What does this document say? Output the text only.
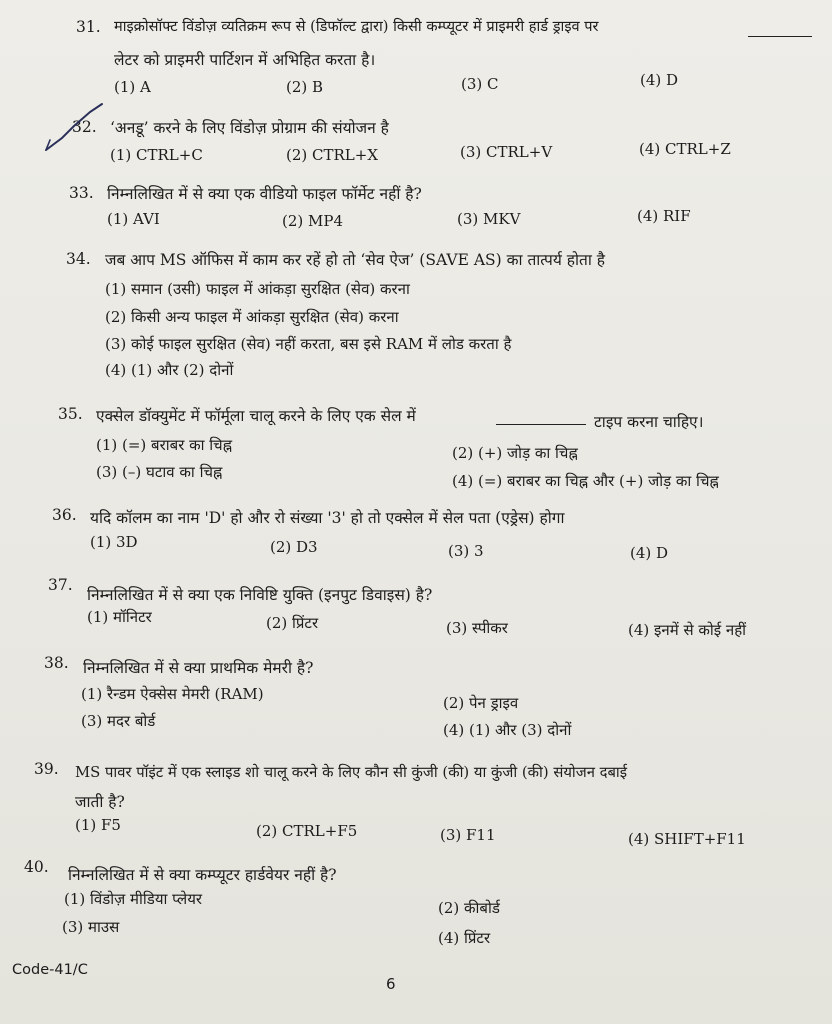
31. माइक्रोसॉफ्ट विंडोज़ व्यतिक्रम रूप से (डिफॉल्ट द्वारा) किसी कम्प्यूटर में प्राइमरी हार्ड ड्राइव पर
लेटर को प्राइमरी पार्टिशन में अभिहित करता है।
(1) A	(2) B	(3) C	(4) D
32. ‘अनडू’ करने के लिए विंडोज़ प्रोग्राम की संयोजन है
(1) CTRL+C	(2) CTRL+X	(3) CTRL+V	(4) CTRL+Z
33. निम्नलिखित में से क्या एक वीडियो फाइल फॉर्मेट नहीं है?
(1) AVI	(2) MP4	(3) MKV	(4) RIF
34. जब आप MS ऑफिस में काम कर रहें हो तो ‘सेव ऐज’ (SAVE AS) का तात्पर्य होता है
(1) समान (उसी) फाइल में आंकड़ा सुरक्षित (सेव) करना
(2) किसी अन्य फाइल में आंकड़ा सुरक्षित (सेव) करना
(3) कोई फाइल सुरक्षित (सेव) नहीं करता, बस इसे RAM में लोड करता है
(4) (1) और (2) दोनों
35. एक्सेल डॉक्युमेंट में फॉर्मूला चालू करने के लिए एक सेल में	टाइप करना चाहिए।
(1) (=) बराबर का चिह्न	(2) (+) जोड़ का चिह्न
(3) (–) घटाव का चिह्न	(4) (=) बराबर का चिह्न और (+) जोड़ का चिह्न
36. यदि कॉलम का नाम 'D' हो और रो संख्या '3' हो तो एक्सेल में सेल पता (एड्रेस) होगा
(1) 3D	(2) D3	(3) 3	(4) D
37.
निम्नलिखित में से क्या एक निविष्टि युक्ति (इनपुट डिवाइस) है?
(1) मॉनिटर	(2) प्रिंटर	(3) स्पीकर	(4) इनमें से कोई नहीं
38. निम्नलिखित में से क्या प्राथमिक मेमरी है?
(1) रैन्डम ऐक्सेस मेमरी (RAM)	(2) पेन ड्राइव
(3) मदर बोर्ड	(4) (1) और (3) दोनों
39. MS पावर पॉइंट में एक स्लाइड शो चालू करने के लिए कौन सी कुंजी (की) या कुंजी (की) संयोजन दबाई
जाती है?
(1) F5	(2) CTRL+F5	(3) F11	(4) SHIFT+F11
40. निम्नलिखित में से क्या कम्प्यूटर हार्डवेयर नहीं है?
(1) विंडोज़ मीडिया प्लेयर	(2) कीबोर्ड
(3) माउस
(4) प्रिंटर
Code-41/C
6
